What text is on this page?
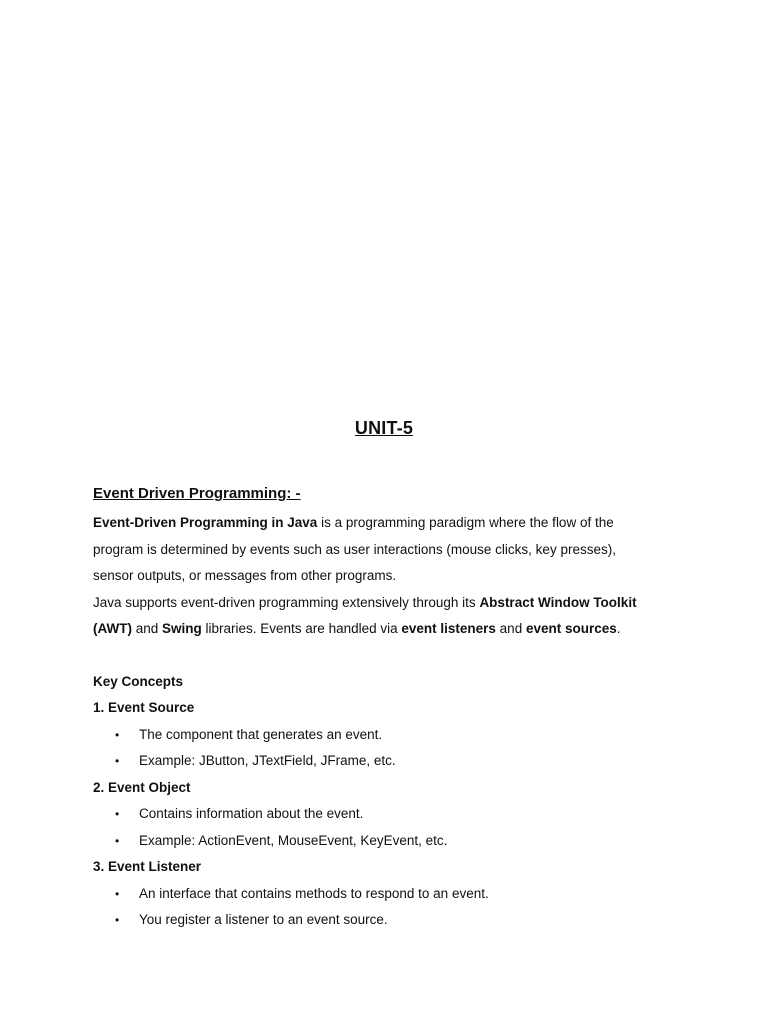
UNIT-5
Event Driven Programming: -
Event-Driven Programming in Java is a programming paradigm where the flow of the
program is determined by events such as user interactions (mouse clicks, key presses),
sensor outputs, or messages from other programs.
Java supports event-driven programming extensively through its Abstract Window Toolkit
(AWT) and Swing libraries. Events are handled via event listeners and event sources.
Key Concepts
1. Event Source
• The component that generates an event.
• Example: JButton, JTextField, JFrame, etc.
2. Event Object
• Contains information about the event.
• Example: ActionEvent, MouseEvent, KeyEvent, etc.
3. Event Listener
• An interface that contains methods to respond to an event.
• You register a listener to an event source.
